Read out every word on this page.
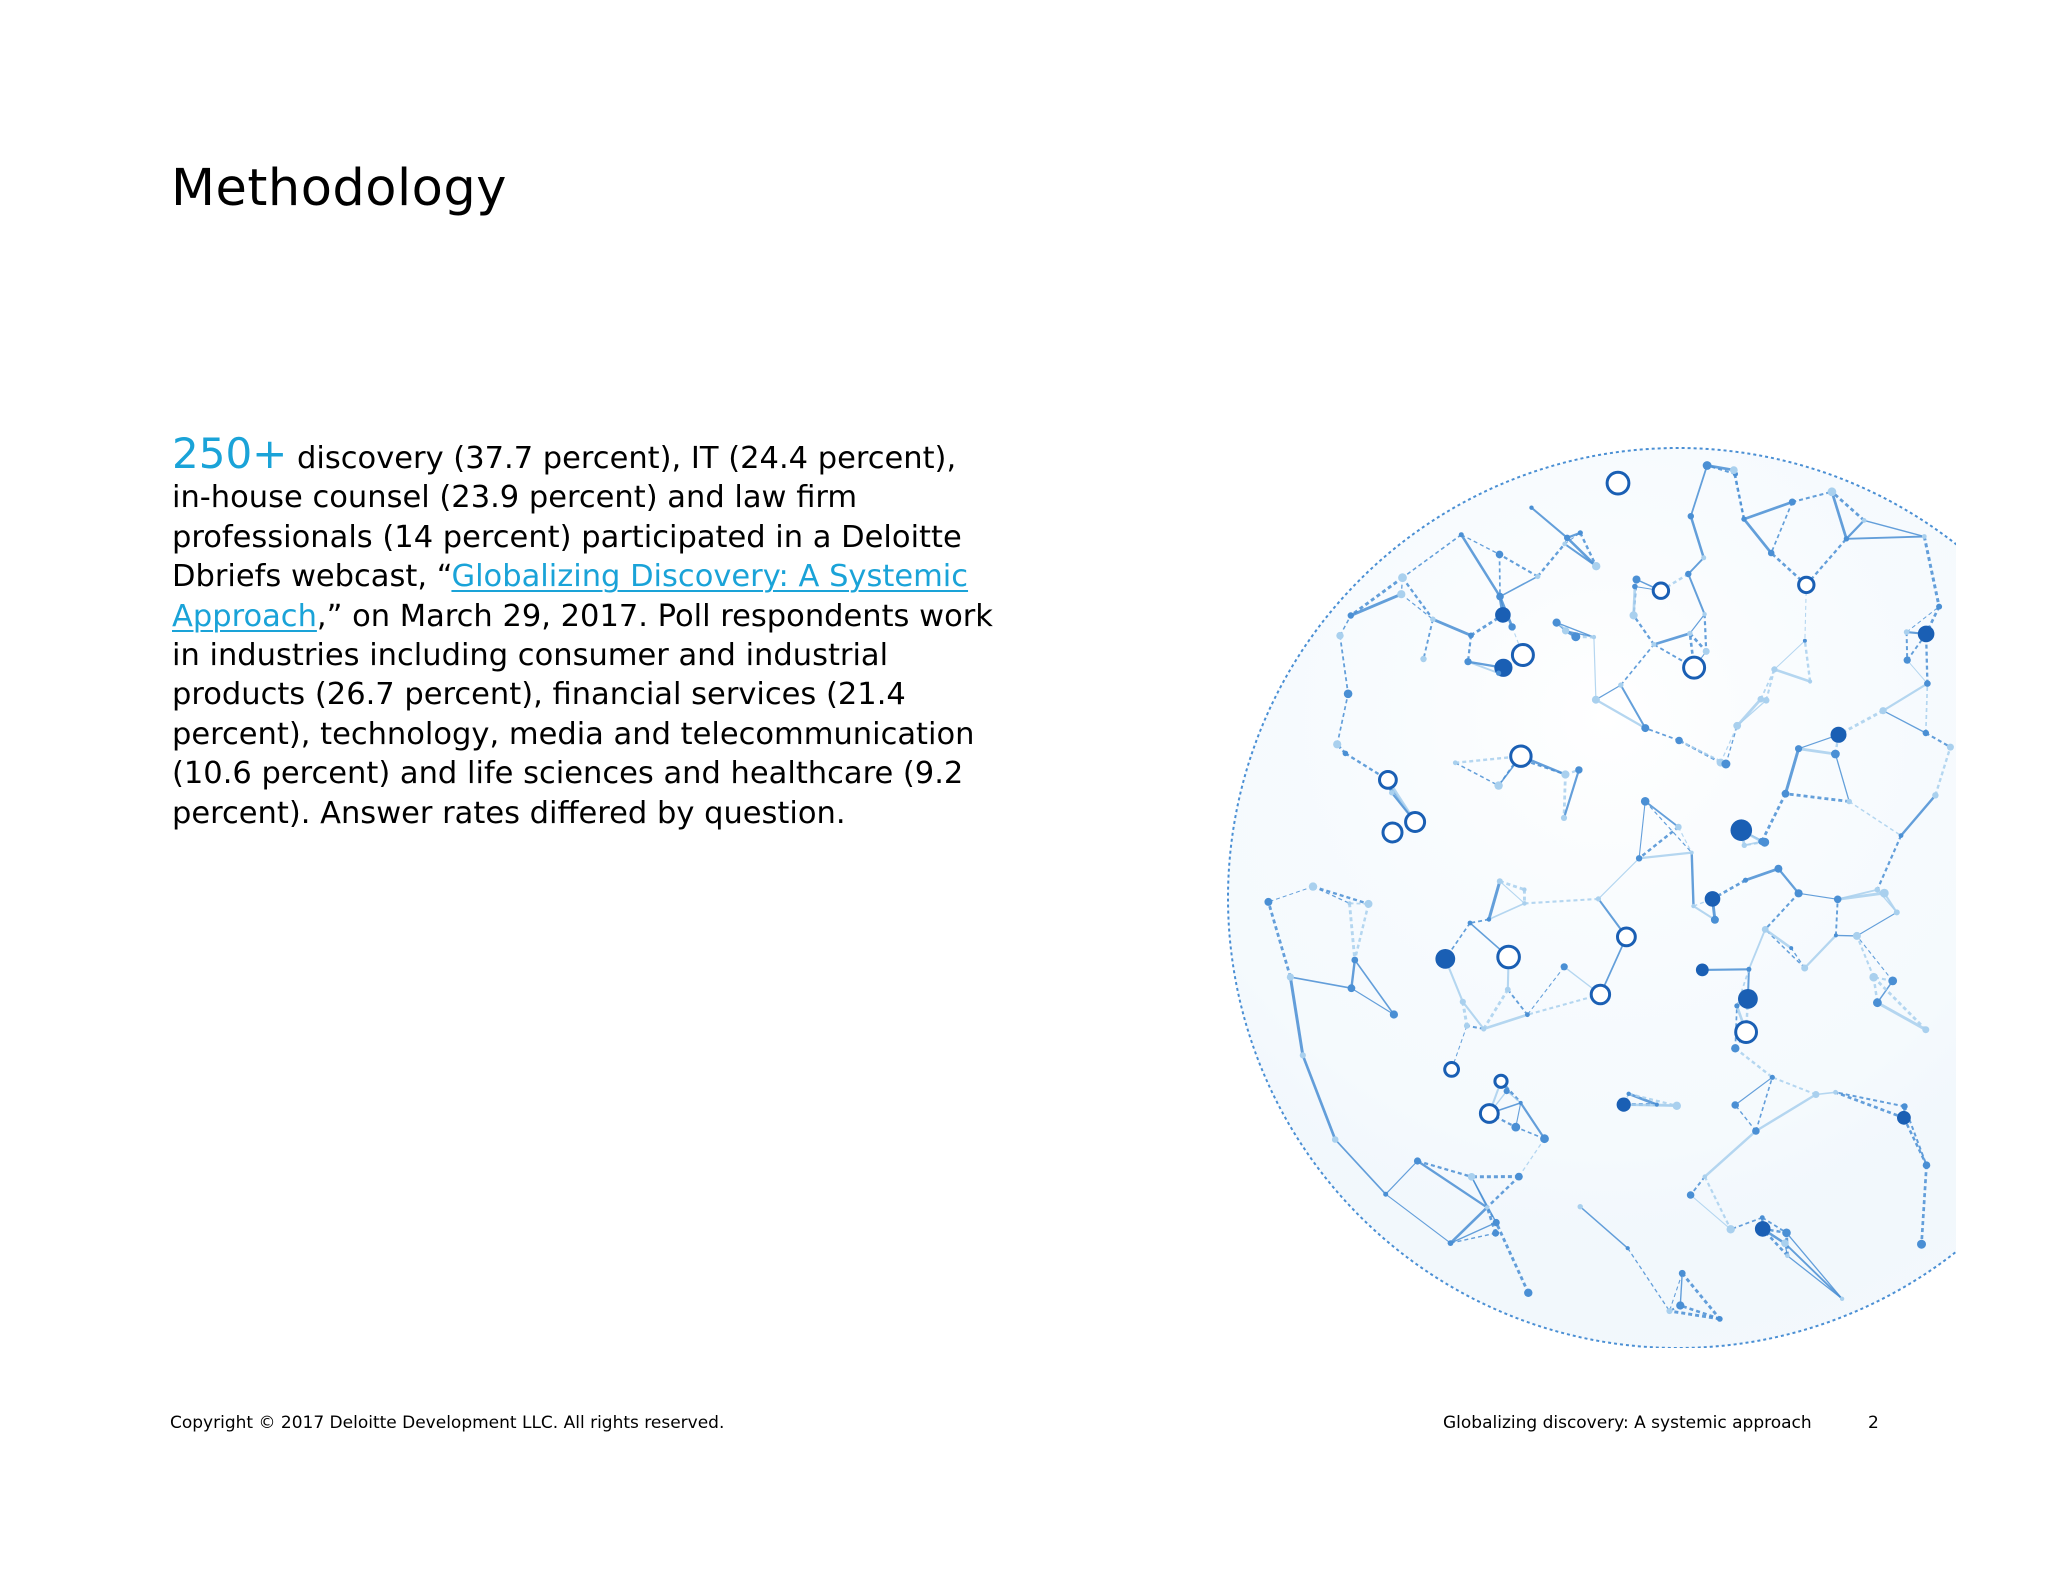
Methodology

250+ discovery (37.7 percent), IT (24.4 percent), in-house counsel (23.9 percent) and law firm professionals (14 percent) participated in a Deloitte Dbriefs webcast, “Globalizing Discovery: A Systemic Approach,” on March 29, 2017. Poll respondents work in industries including consumer and industrial products (26.7 percent), financial services (21.4 percent), technology, media and telecommunication (10.6 percent) and life sciences and healthcare (9.2 percent). Answer rates differed by question.

Copyright © 2017 Deloitte Development LLC. All rights reserved.	Globalizing discovery: A systemic approach	2
